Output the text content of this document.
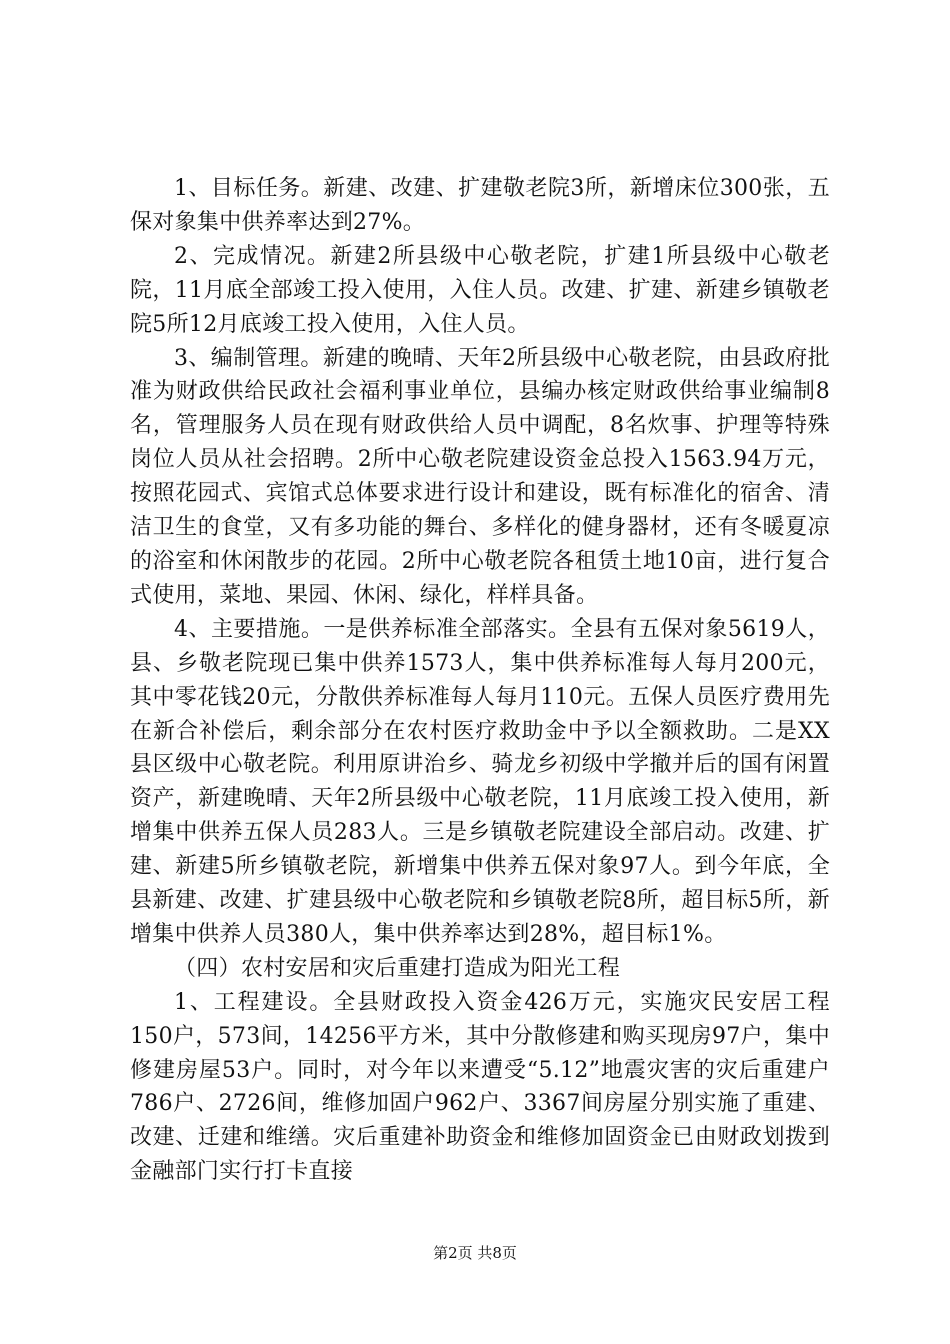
1、目标任务。新建、改建、扩建敬老院3所，新增床位300张，五保对象集中供养率达到27%。

2、完成情况。新建2所县级中心敬老院，扩建1所县级中心敬老院，11月底全部竣工投入使用，入住人员。改建、扩建、新建乡镇敬老院5所12月底竣工投入使用，入住人员。

3、编制管理。新建的晚晴、天年2所县级中心敬老院，由县政府批准为财政供给民政社会福利事业单位，县编办核定财政供给事业编制8名，管理服务人员在现有财政供给人员中调配，8名炊事、护理等特殊岗位人员从社会招聘。2所中心敬老院建设资金总投入1563.94万元，按照花园式、宾馆式总体要求进行设计和建设，既有标准化的宿舍、清洁卫生的食堂，又有多功能的舞台、多样化的健身器材，还有冬暖夏凉的浴室和休闲散步的花园。2所中心敬老院各租赁土地10亩，进行复合式使用，菜地、果园、休闲、绿化，样样具备。

4、主要措施。一是供养标准全部落实。全县有五保对象5619人，县、乡敬老院现已集中供养1573人，集中供养标准每人每月200元，其中零花钱20元，分散供养标准每人每月110元。五保人员医疗费用先在新合补偿后，剩余部分在农村医疗救助金中予以全额救助。二是XX县区级中心敬老院。利用原讲治乡、骑龙乡初级中学撤并后的国有闲置资产，新建晚晴、天年2所县级中心敬老院，11月底竣工投入使用，新增集中供养五保人员283人。三是乡镇敬老院建设全部启动。改建、扩建、新建5所乡镇敬老院，新增集中供养五保对象97人。到今年底，全县新建、改建、扩建县级中心敬老院和乡镇敬老院8所，超目标5所，新增集中供养人员380人，集中供养率达到28%，超目标1%。

（四）农村安居和灾后重建打造成为阳光工程

1、工程建设。全县财政投入资金426万元，实施灾民安居工程150户，573间，14256平方米，其中分散修建和购买现房97户，集中修建房屋53户。同时，对今年以来遭受“5.12”地震灾害的灾后重建户786户、2726间，维修加固户962户、3367间房屋分别实施了重建、改建、迁建和维缮。灾后重建补助资金和维修加固资金已由财政划拨到金融部门实行打卡直接

第2页 共8页
